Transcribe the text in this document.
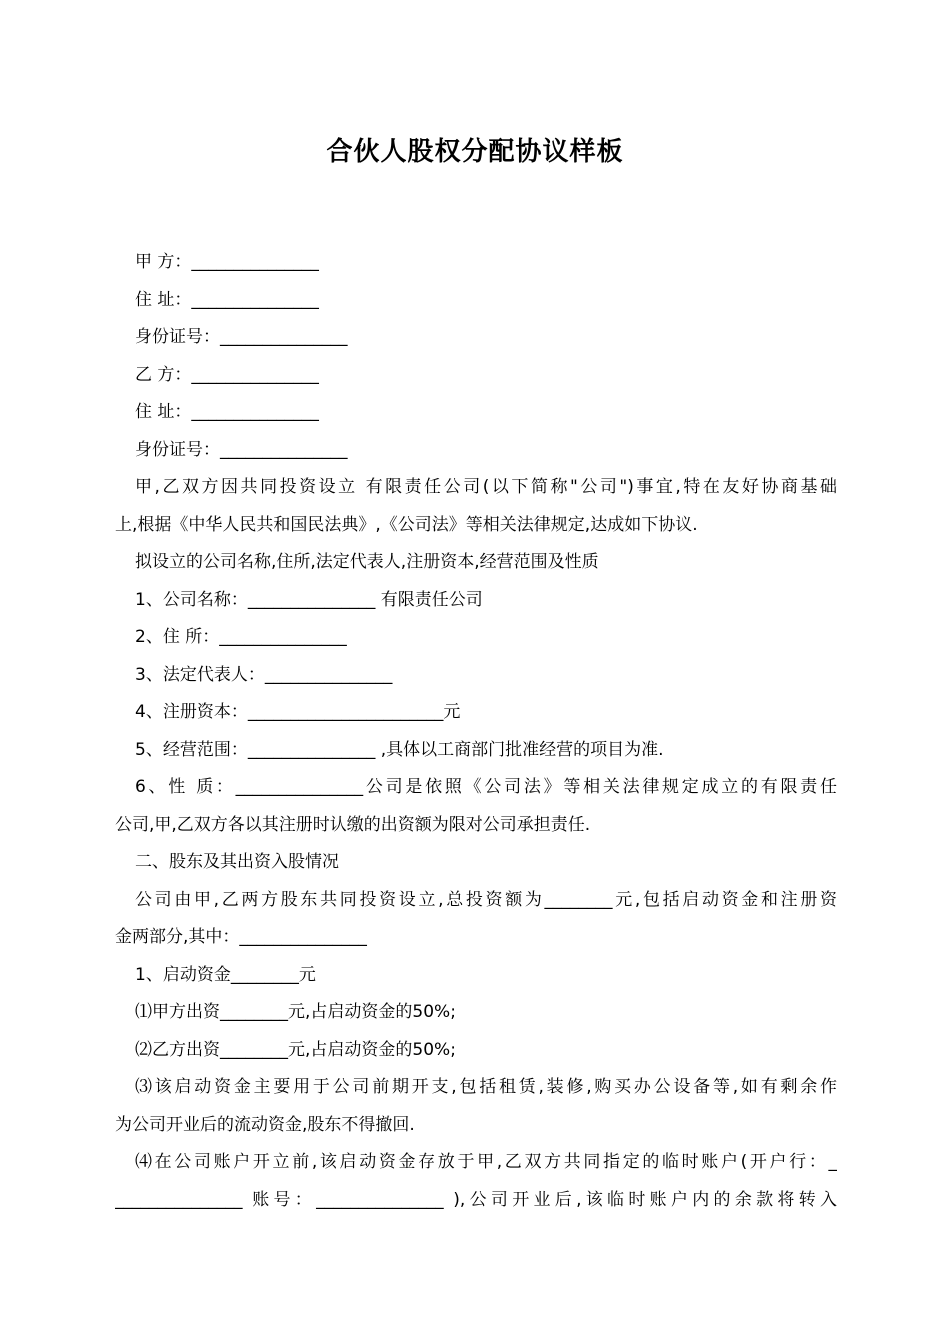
合伙人股权分配协议样板
甲 方：_______________
住 址：_______________
身份证号：_______________
乙 方：_______________
住 址：_______________
身份证号：_______________
甲,乙双方因共同投资设立 有限责任公司(以下简称"公司")事宜,特在友好协商基础
上,根据《中华人民共和国民法典》,《公司法》等相关法律规定,达成如下协议.
拟设立的公司名称,住所,法定代表人,注册资本,经营范围及性质
1、公司名称：_______________ 有限责任公司
2、住 所：_______________
3、法定代表人：_______________
4、注册资本：_______________________元
5、经营范围：_______________ ,具体以工商部门批准经营的项目为准.
6、性 质：_______________公司是依照《公司法》等相关法律规定成立的有限责任
公司,甲,乙双方各以其注册时认缴的出资额为限对公司承担责任.
二、股东及其出资入股情况
公司由甲,乙两方股东共同投资设立,总投资额为________元,包括启动资金和注册资
金两部分,其中：_______________
1、启动资金________元
⑴甲方出资________元,占启动资金的50%;
⑵乙方出资________元,占启动资金的50%;
⑶该启动资金主要用于公司前期开支,包括租赁,装修,购买办公设备等,如有剩余作
为公司开业后的流动资金,股东不得撤回.
⑷在公司账户开立前,该启动资金存放于甲,乙双方共同指定的临时账户(开户行：_
_______________ 账号：_______________ ),公司开业后,该临时账户内的余款将转入
